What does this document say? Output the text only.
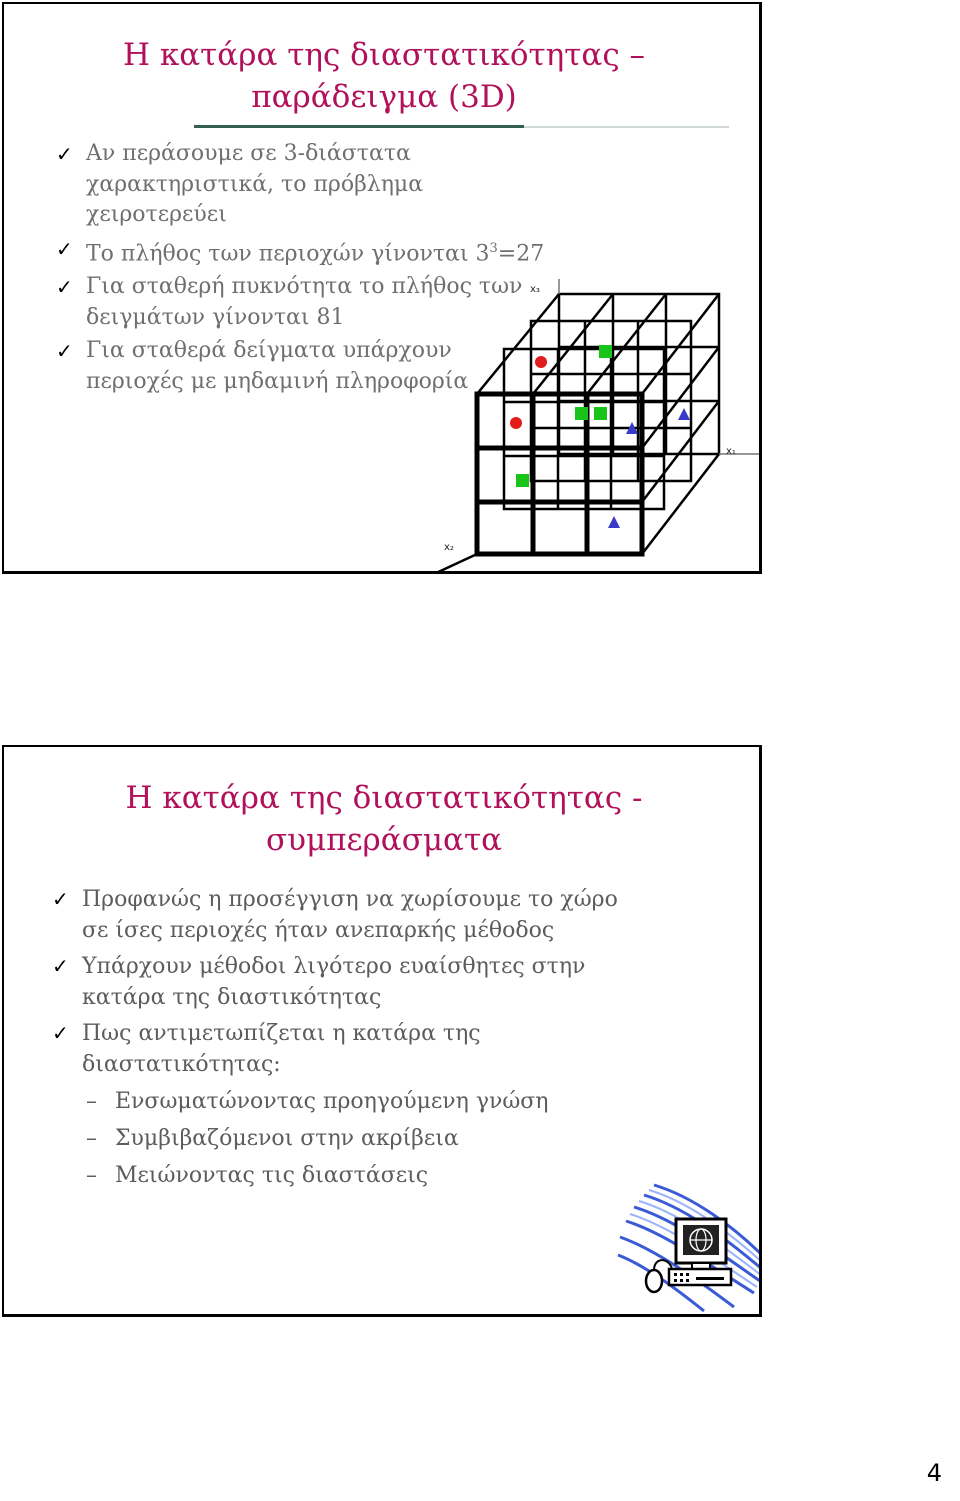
Η κατάρα της διαστατικότητας –
παράδειγμα (3D)
✓ Αν περάσουμε σε 3-διάστατα
χαρακτηριστικά, το πρόβλημα
χειροτερεύει
✓ Το πλήθος των περιοχών γίνονται $3^3=27$
✓ Για σταθερή πυκνότητα το πλήθος των
δειγμάτων γίνονται 81
✓ Για σταθερά δείγματα υπάρχουν
περιοχές με μηδαμινή πληροφορία
x₁
x₂
x₃
Η κατάρα της διαστατικότητας -
συμπεράσματα
✓ Προφανώς η προσέγγιση να χωρίσουμε το χώρο
σε ίσες περιοχές ήταν ανεπαρκής μέθοδος
✓ Υπάρχουν μέθοδοι λιγότερο ευαίσθητες στην
κατάρα της διαστικότητας
✓ Πως αντιμετωπίζεται η κατάρα της
διαστατικότητας:
– Ενσωματώνοντας προηγούμενη γνώση
– Συμβιβαζόμενοι στην ακρίβεια
– Μειώνοντας τις διαστάσεις
4
